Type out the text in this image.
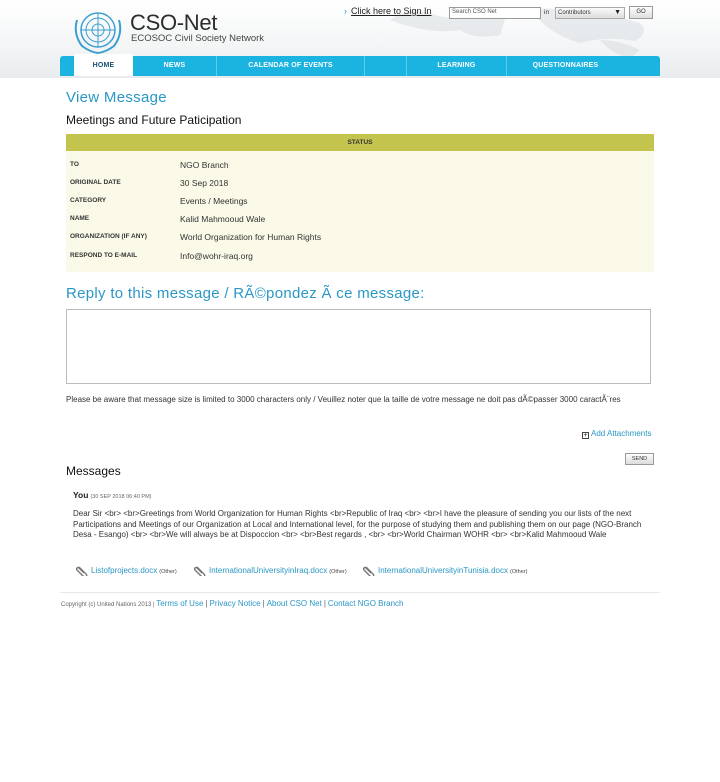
CSO-Net
ECOSOC Civil Society Network
› Click here to Sign In	Search CSO Net	in	Contributors	▼	GO
HOME	NEWS	CALENDAR OF EVENTS	LEARNING	QUESTIONNAIRES
View Message
Meetings and Future Paticipation
STATUS
TO	NGO Branch
ORIGINAL DATE	30 Sep 2018
CATEGORY	Events / Meetings
NAME	Kalid Mahmooud Wale
ORGANIZATION (IF ANY)	World Organization for Human Rights
RESPOND TO E-MAIL	Info@wohr-iraq.org
Reply to this message / RÃ©pondez Ã ce message:
Please be aware that message size is limited to 3000 characters only / Veuillez noter que la taille de votre message ne doit pas dÃ©passer 3000 caractÃ¨res
+ Add Attachments
Messages
SEND
You (30 SEP 2018 06:40 PM)
Dear Sir <br> <br>Greetings from World Organization for Human Rights <br>Republic of Iraq <br> <br>I have the pleasure of sending you our lists of the next Participations and Meetings of our Organization at Local and International level, for the purpose of studying them and publishing them on our page (NGO-Branch Desa - Esango) <br> <br>We will always be at Dispoccion <br> <br>Best regards , <br> <br>World Chairman WOHR <br> <br>Kalid Mahmooud Wale
Listofprojects.docx (Other)	InternationalUniversityinIraq.docx (Other)	InternationalUniversityinTunisia.docx (Other)
Copyright (c) United Nations 2013 | Terms of Use | Privacy Notice | About CSO Net | Contact NGO Branch
